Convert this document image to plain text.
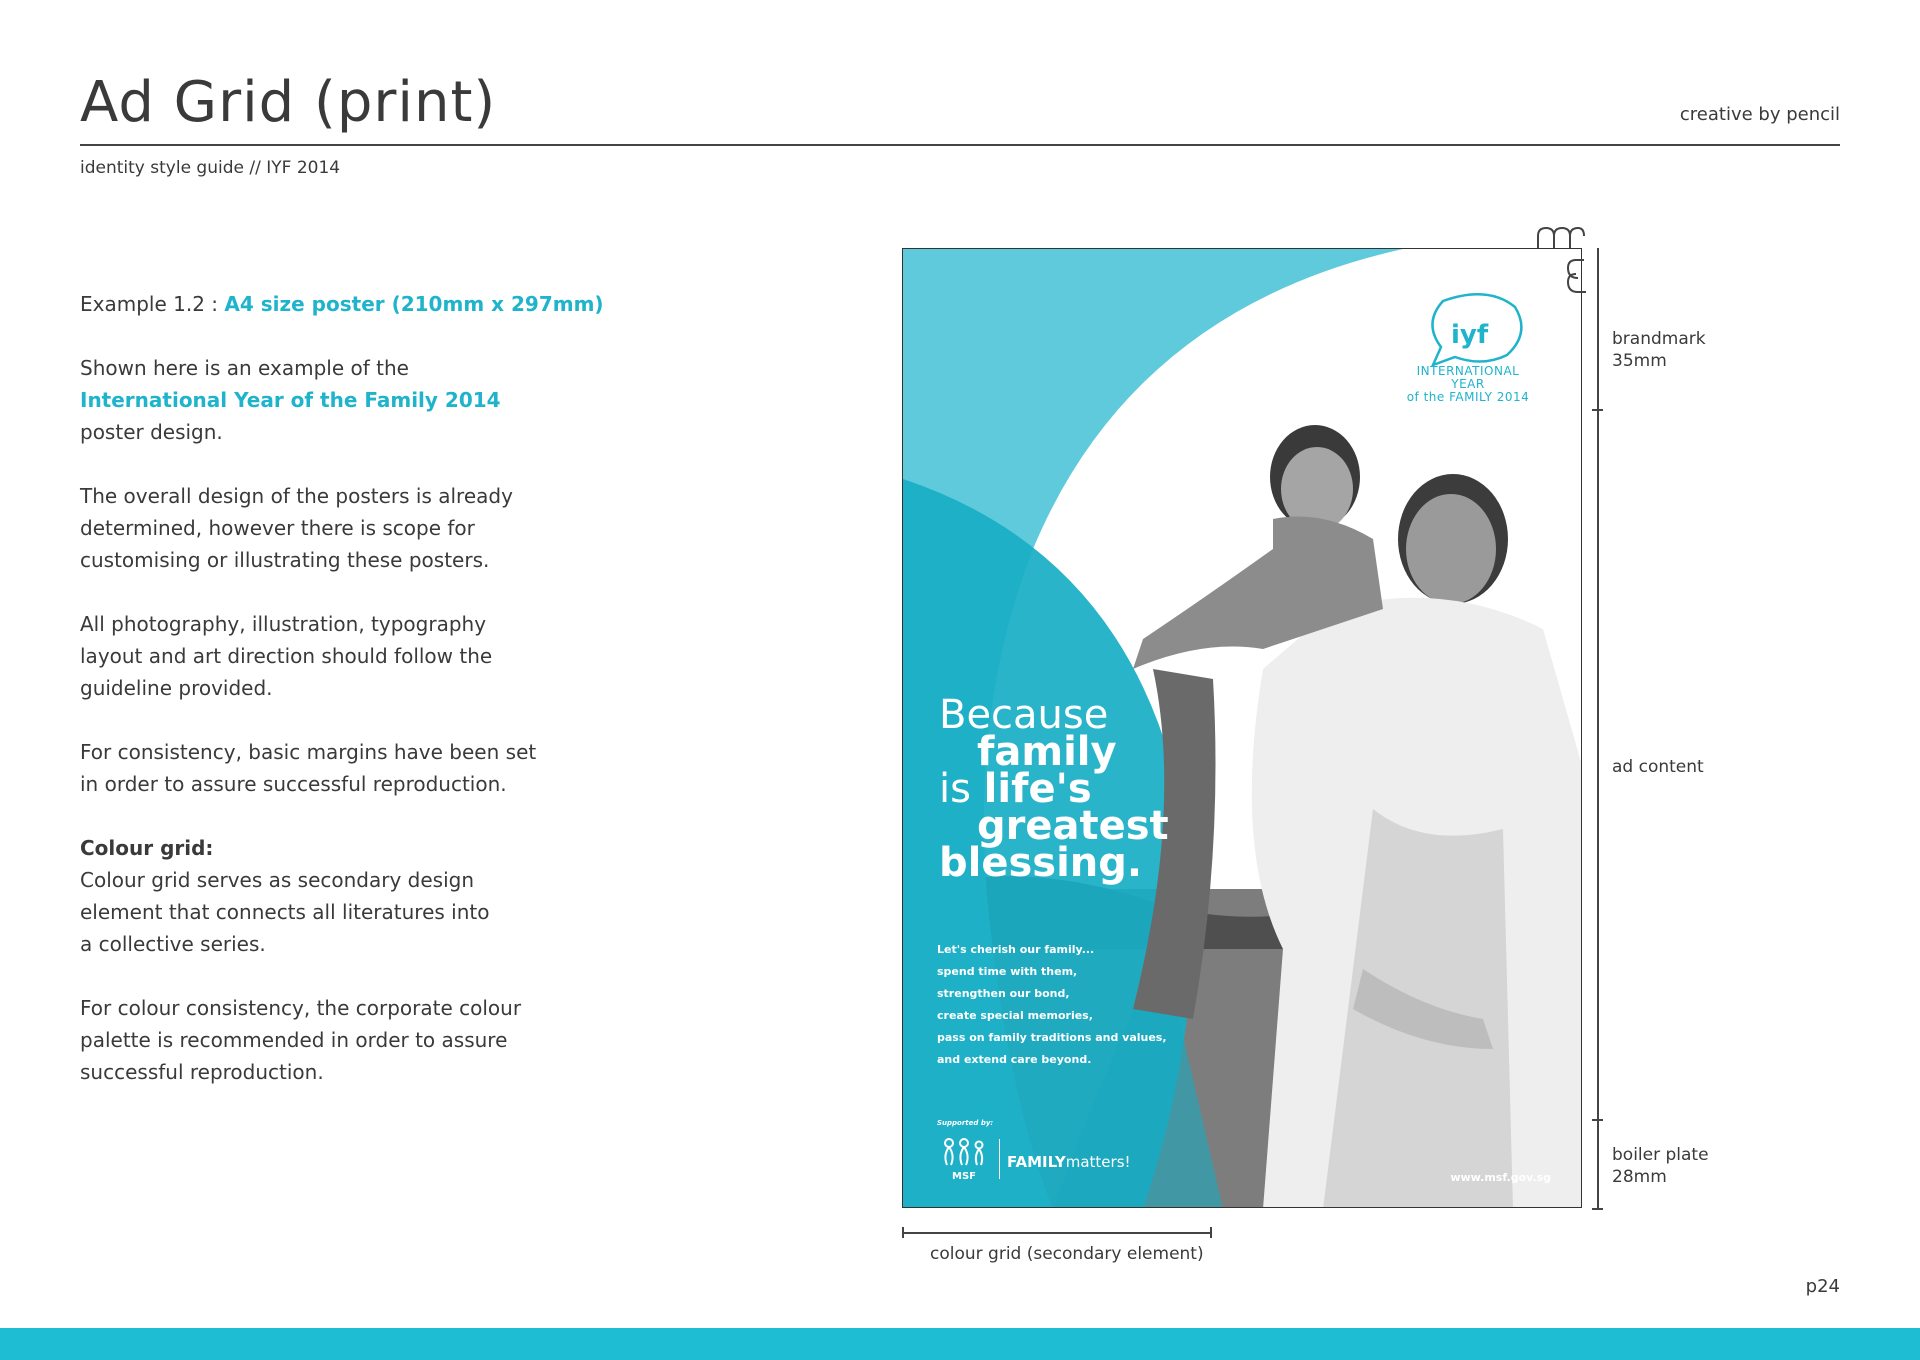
Ad Grid (print)	creative by pencil
identity style guide // IYF 2014

Example 1.2 : A4 size poster (210mm x 297mm)

Shown here is an example of the
International Year of the Family 2014
poster design.

The overall design of the posters is already
determined, however there is scope for
customising or illustrating these posters.

All photography, illustration, typography
layout and art direction should follow the
guideline provided.

For consistency, basic margins have been set
in order to assure successful reproduction.

Colour grid:
Colour grid serves as secondary design
element that connects all literatures into
a collective series.

For colour consistency, the corporate colour
palette is recommended in order to assure
successful reproduction.

iyf
INTERNATIONAL YEAR
of the FAMILY 2014
Because
family
is life's
greatest
blessing.
Let's cherish our family...
spend time with them,
strengthen our bond,
create special memories,
pass on family traditions and values,
and extend care beyond.
Supported by:
MSF
FAMILYmatters!
www.msf.gov.sg
brandmark
35mm
ad content
boiler plate
28mm
colour grid (secondary element)
p24
